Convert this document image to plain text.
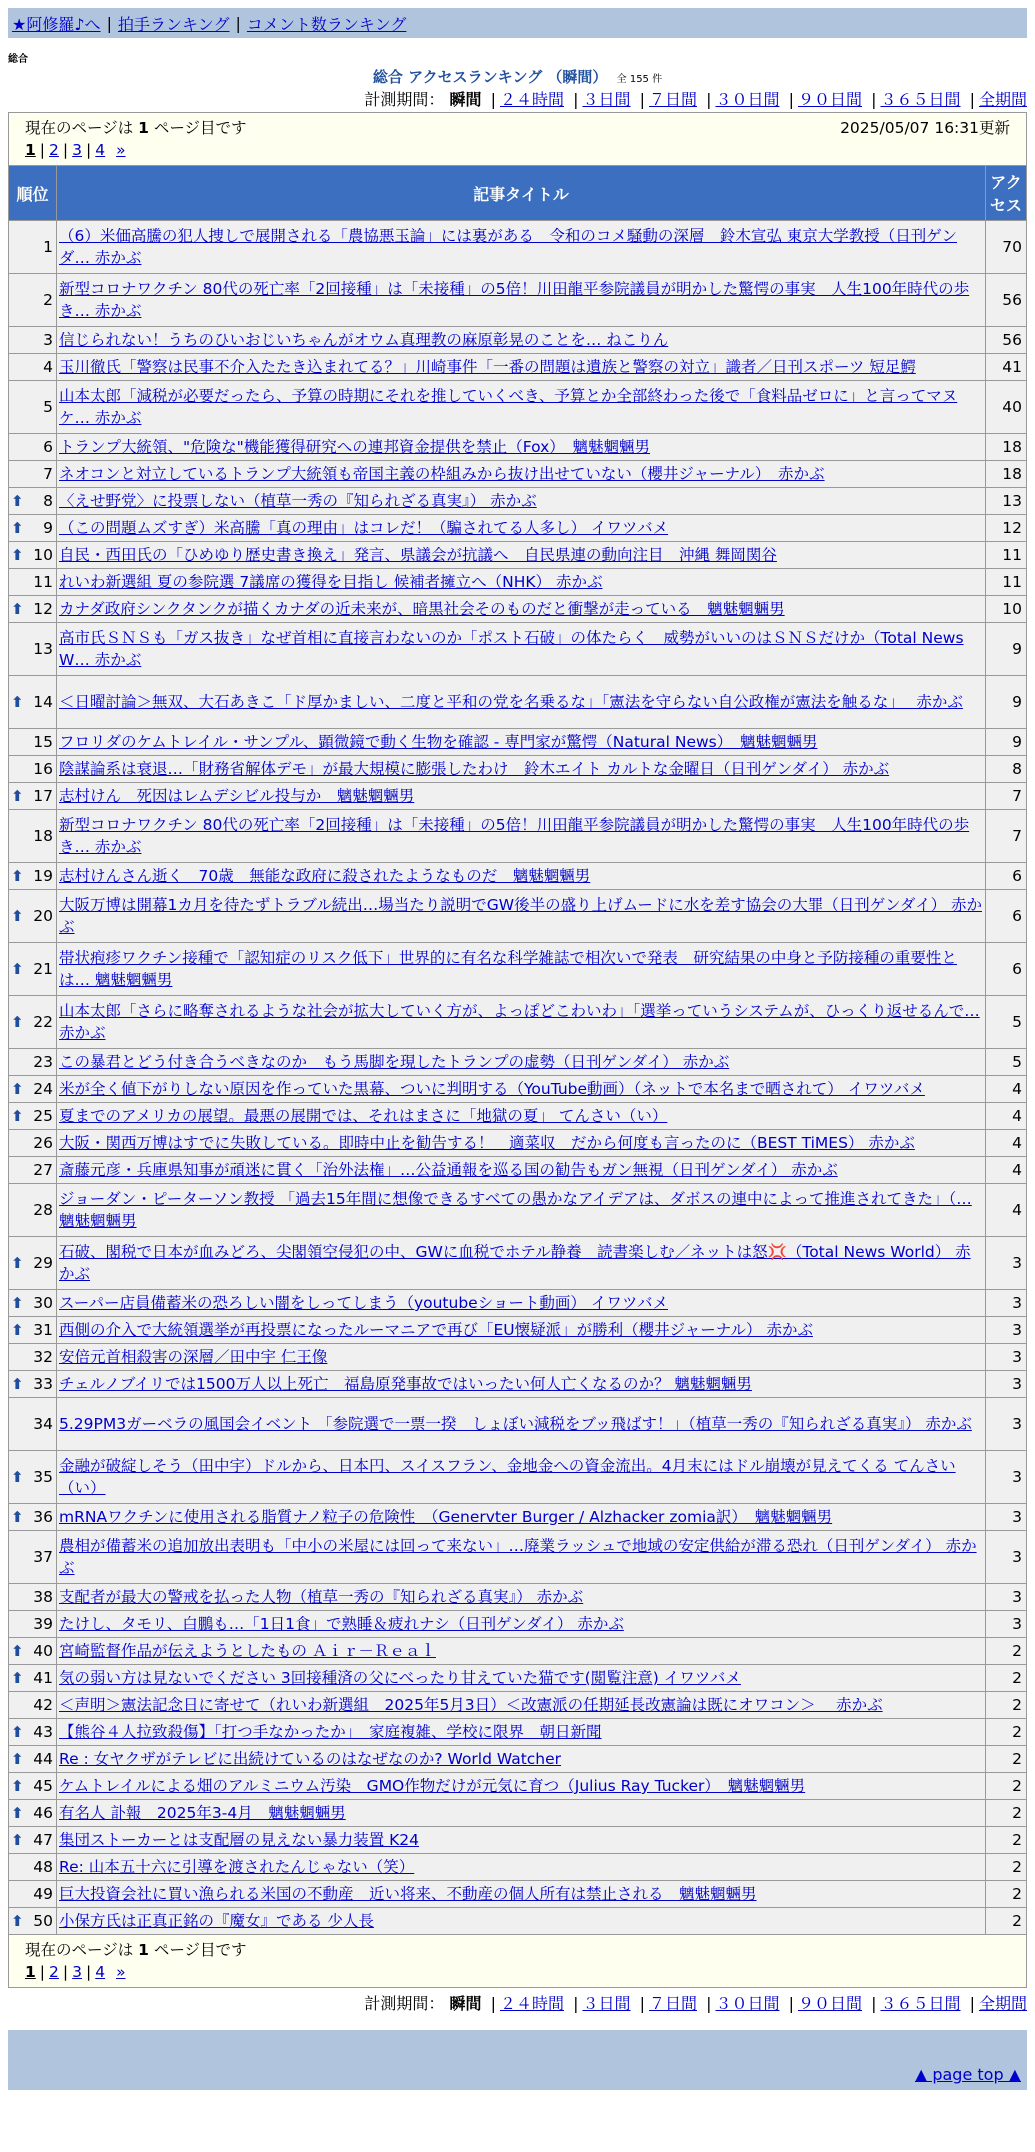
★阿修羅♪へ | 拍手ランキング | コメント数ランキング
総合
総合 アクセスランキング （瞬間） 全 155 件
計測期間： 瞬間 | ２４時間 | ３日間 | ７日間 | ３０日間 | ９０日間 | ３６５日間 | 全期間
現在のページは 1 ページ目です 2025/05/07 16:31更新
1 | 2 | 3 | 4 »		

順位	記事タイトル	アクセス
1	（6）米価高騰の犯人捜しで展開される「農協悪玉論」には裏がある　令和のコメ騒動の深層　鈴木宣弘 東京大学教授（日刊ゲンダ… 赤かぶ	70
2	新型コロナワクチン 80代の死亡率「2回接種」は「未接種」の5倍！川田龍平参院議員が明かした驚愕の事実　人生100年時代の歩き… 赤かぶ	56
3	信じられない！うちのひいおじいちゃんがオウム真理教の麻原彰晃のことを… ねこりん	56
4	玉川徹氏「警察は民事不介入たたき込まれてる？」川崎事件「一番の問題は遺族と警察の対立」識者／日刊スポーツ 短足鰐	41
5	山本太郎「減税が必要だったら、予算の時期にそれを推していくべき、予算とか全部終わった後で「食料品ゼロに」と言ってマヌケ… 赤かぶ	40
6	トランプ大統領、"危険な"機能獲得研究への連邦資金提供を禁止（Fox）　魑魅魍魎男	18
7	ネオコンと対立しているトランプ大統領も帝国主義の枠組みから抜け出せていない（櫻井ジャーナル）　赤かぶ	18

⬆ 8	〈えせ野党〉に投票しない（植草一秀の『知られざる真実』） 赤かぶ	13

⬆ 9	（この問題ムズすぎ）米高騰「真の理由」はコレだ！（騙されてる人多し） イワツバメ	12

⬆ 10	自民・西田氏の「ひめゆり歴史書き換え」発言、県議会が抗議へ　自民県連の動向注目　沖縄 舞岡関谷	11
11	れいわ新選組 夏の参院選 7議席の獲得を目指し 候補者擁立へ（NHK） 赤かぶ	11

⬆ 12	カナダ政府シンクタンクが描くカナダの近未来が、暗黒社会そのものだと衝撃が走っている　魑魅魍魎男	10
13	高市氏ＳＮＳも「ガス抜き」なぜ首相に直接言わないのか「ポスト石破」の体たらく　威勢がいいのはＳＮＳだけか（Total News W… 赤かぶ	9

⬆ 14	＜日曜討論＞無双、大石あきこ「ド厚かましい、二度と平和の党を名乗るな」「憲法を守らない自公政権が憲法を触るな」　 赤かぶ	9
15	フロリダのケムトレイル・サンプル、顕微鏡で動く生物を確認 - 専門家が驚愕（Natural News）　魑魅魍魎男	9
16	陰謀論系は衰退…「財務省解体デモ」が最大規模に膨張したわけ　鈴木エイト カルトな金曜日（日刊ゲンダイ） 赤かぶ	8

⬆ 17	志村けん　死因はレムデシビル投与か　魑魅魍魎男	7
18	新型コロナワクチン 80代の死亡率「2回接種」は「未接種」の5倍！川田龍平参院議員が明かした驚愕の事実　人生100年時代の歩き… 赤かぶ	7

⬆ 19	志村けんさん逝く　70歳　無能な政府に殺されたようなものだ　魑魅魍魎男	6

⬆ 20	大阪万博は開幕1カ月を待たずトラブル続出…場当たり説明でGW後半の盛り上げムードに水を差す協会の大罪（日刊ゲンダイ） 赤かぶ	6

⬆ 21	帯状疱疹ワクチン接種で「認知症のリスク低下」世界的に有名な科学雑誌で相次いで発表　研究結果の中身と予防接種の重要性とは… 魑魅魍魎男	6

⬆ 22	山本太郎「さらに略奪されるような社会が拡大していく方が、よっぽどこわいわ」「選挙っていうシステムが、ひっくり返せるんで… 赤かぶ	5
23	この暴君とどう付き合うべきなのか　もう馬脚を現したトランプの虚勢（日刊ゲンダイ） 赤かぶ	5

⬆ 24	米が全く値下がりしない原因を作っていた黒幕、ついに判明する（YouTube動画）（ネットで本名まで晒されて） イワツバメ	4

⬆ 25	夏までのアメリカの展望。最悪の展開では、それはまさに「地獄の夏」 てんさい（い）	4
26	大阪・関西万博はすでに失敗している。即時中止を勧告する！　適菜収　だから何度も言ったのに（BEST TiMES） 赤かぶ	4
27	斎藤元彦・兵庫県知事が頑迷に貫く「治外法権」…公益通報を巡る国の勧告もガン無視（日刊ゲンダイ） 赤かぶ	4
28	ジョーダン・ピーターソン教授 「過去15年間に想像できるすべての愚かなアイデアは、ダボスの連中によって推進されてきた」（… 魑魅魍魎男	4

⬆ 29	石破、閣税で日本が血みどろ、尖閣領空侵犯の中、GWに血税でホテル静養　読書楽しむ／ネットは怒💢（Total News World） 赤かぶ	3

⬆ 30	スーパー店員備蓄米の恐ろしい闇をしってしまう（youtubeショート動画） イワツバメ	3

⬆ 31	西側の介入で大統領選挙が再投票になったルーマニアで再び「EU懐疑派」が勝利（櫻井ジャーナル） 赤かぶ	3
32	安倍元首相殺害の深層／田中宇 仁王像	3

⬆ 33	チェルノブイリでは1500万人以上死亡　福島原発事故ではいったい何人亡くなるのか？ 魑魅魍魎男	3
34	5.29PM3ガーベラの風国会イベント 「参院選で一票一揆　しょぼい減税をブッ飛ばす！」（植草一秀の『知られざる真実』） 赤かぶ	3

⬆ 35	金融が破綻しそう（田中宇）ドルから、日本円、スイスフラン、金地金への資金流出。4月末にはドル崩壊が見えてくる てんさい（い）	3

⬆ 36	mRNAワクチンに使用される脂質ナノ粒子の危険性　（Genervter Burger / Alzhacker zomia訳）　魑魅魍魎男	3
37	農相が備蓄米の追加放出表明も「中小の米屋には回って来ない」…廃業ラッシュで地域の安定供給が滞る恐れ（日刊ゲンダイ） 赤かぶ	3
38	支配者が最大の警戒を払った人物（植草一秀の『知られざる真実』） 赤かぶ	3
39	たけし、タモリ、白鵬も…「1日1食」で熟睡＆疲れナシ（日刊ゲンダイ） 赤かぶ	3

⬆ 40	宮崎監督作品が伝えようとしたもの Ａｉｒ－Ｒｅａｌ	2

⬆ 41	気の弱い方は見ないでください 3回接種済の父にべったり甘えていた猫です(閲覧注意) イワツバメ	2
42	＜声明＞憲法記念日に寄せて（れいわ新選組　2025年5月3日）＜改憲派の任期延長改憲論は既にオワコン＞　 赤かぶ	2

⬆ 43	【熊谷４人拉致殺傷】「打つ手なかったか」　家庭複雑、学校に限界　朝日新聞	2

⬆ 44	Re : 女ヤクザがテレビに出続けているのはなぜなのか? World Watcher	2

⬆ 45	ケムトレイルによる畑のアルミニウム汚染　GMO作物だけが元気に育つ（Julius Ray Tucker）　魑魅魍魎男	2

⬆ 46	有名人 訃報　2025年3-4月　魑魅魍魎男	2

⬆ 47	集団ストーカーとは支配層の見えない暴力装置 K24	2
48	Re: 山本五十六に引導を渡されたんじゃない（笑）	2
49	巨大投資会社に買い漁られる米国の不動産　近い将来、不動産の個人所有は禁止される　魑魅魍魎男	2

⬆ 50	小保方氏は正真正銘の『魔女』である 少人長	2

現在のページは 1 ページ目です
1 | 2 | 3 | 4 »		
計測期間： 瞬間 | ２４時間 | ３日間 | ７日間 | ３０日間 | ９０日間 | ３６５日間 | 全期間
▲ page top ▲
